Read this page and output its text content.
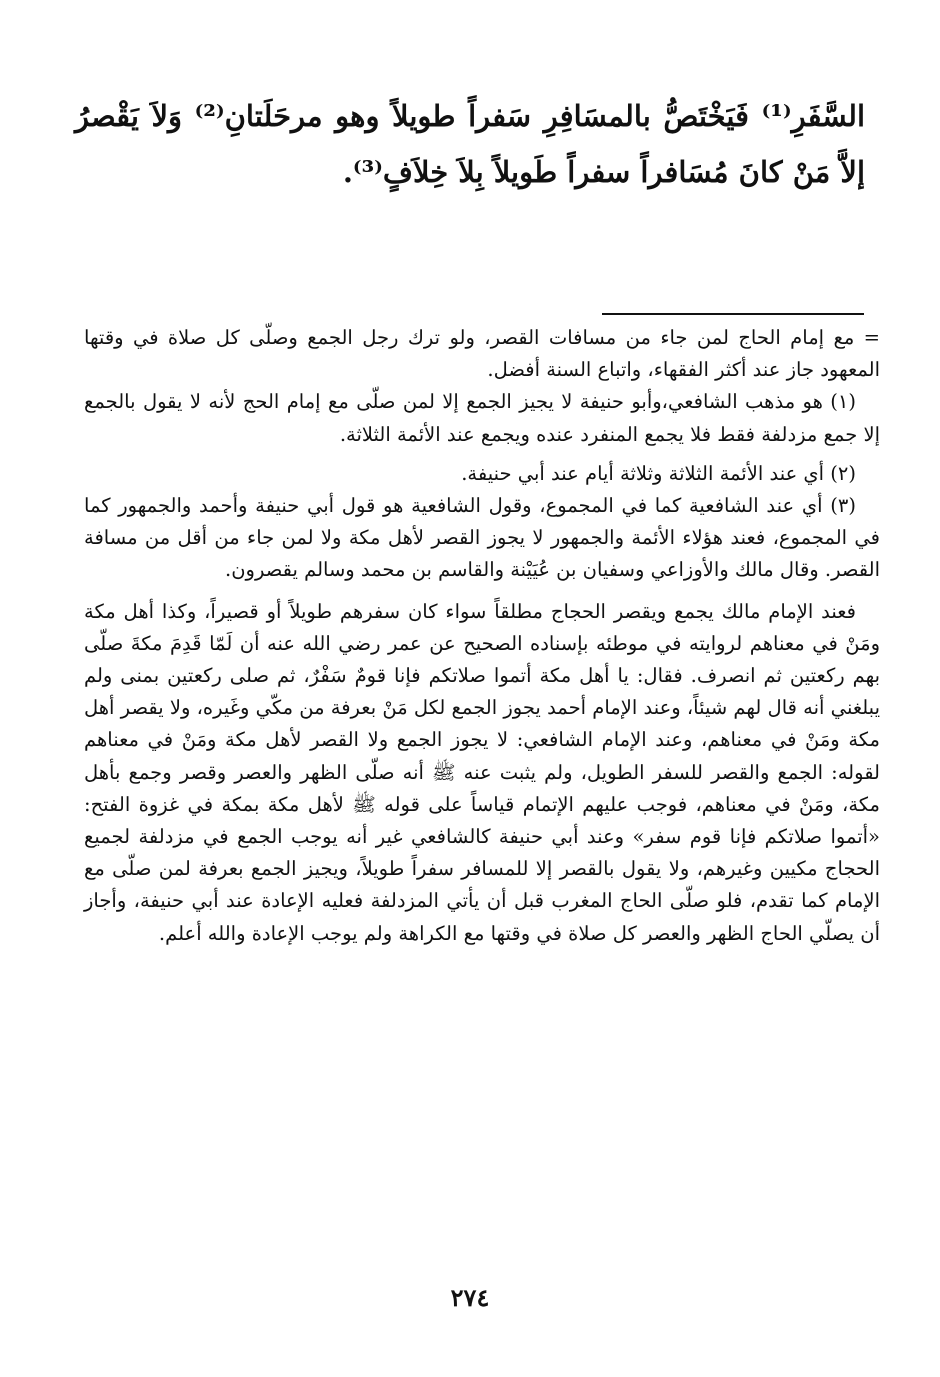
السَّفَرِ⁽¹⁾ فَيَخْتَصُّ بالمسَافِرِ سَفراً طويلاً وهو مرحَلَتانِ⁽²⁾ وَلاَ يَقْصرُ إلاَّ مَنْ كانَ مُسَافراً سفراً طَويلاً بِلاَ خِلاَفٍ⁽³⁾.

= مع إمام الحاج لمن جاء من مسافات القصر، ولو ترك رجل الجمع وصلّى كل صلاة في وقتها المعهود جاز عند أكثر الفقهاء، واتباع السنة أفضل.

(١) هو مذهب الشافعي،وأبو حنيفة لا يجيز الجمع إلا لمن صلّى مع إمام الحج لأنه لا يقول بالجمع إلا جمع مزدلفة فقط فلا يجمع المنفرد عنده ويجمع عند الأئمة الثلاثة.

(٢) أي عند الأئمة الثلاثة وثلاثة أيام عند أبي حنيفة.

(٣) أي عند الشافعية كما في المجموع، وقول الشافعية هو قول أبي حنيفة وأحمد والجمهور كما في المجموع، فعند هؤلاء الأئمة والجمهور لا يجوز القصر لأهل مكة ولا لمن جاء من أقل من مسافة القصر. وقال مالك والأوزاعي وسفيان بن عُيَيْنة والقاسم بن محمد وسالم يقصرون.

فعند الإمام مالك يجمع ويقصر الحجاج مطلقاً سواء كان سفرهم طويلاً أو قصيراً، وكذا أهل مكة ومَنْ في معناهم لروايته في موطئه بإسناده الصحيح عن عمر رضي الله عنه أن لَمّا قَدِمَ مكةَ صلّى بهم ركعتين ثم انصرف. فقال: يا أهل مكة أتموا صلاتكم فإنا قومٌ سَفْرٌ، ثم صلى ركعتين بمنى ولم يبلغني أنه قال لهم شيئاً، وعند الإمام أحمد يجوز الجمع لكل مَنْ بعرفة من مكّي وغَيره، ولا يقصر أهل مكة ومَنْ في معناهم، وعند الإمام الشافعي: لا يجوز الجمع ولا القصر لأهل مكة ومَنْ في معناهم لقوله: الجمع والقصر للسفر الطويل، ولم يثبت عنه ﷺ أنه صلّى الظهر والعصر وقصر وجمع بأهل مكة، ومَنْ في معناهم، فوجب عليهم الإتمام قياساً على قوله ﷺ لأهل مكة بمكة في غزوة الفتح: «أتموا صلاتكم فإنا قوم سفر» وعند أبي حنيفة كالشافعي غير أنه يوجب الجمع في مزدلفة لجميع الحجاج مكيين وغيرهم، ولا يقول بالقصر إلا للمسافر سفراً طويلاً، ويجيز الجمع بعرفة لمن صلّى مع الإمام كما تقدم، فلو صلّى الحاج المغرب قبل أن يأتي المزدلفة فعليه الإعادة عند أبي حنيفة، وأجاز أن يصلّي الحاج الظهر والعصر كل صلاة في وقتها مع الكراهة ولم يوجب الإعادة والله أعلم.

٢٧٤
